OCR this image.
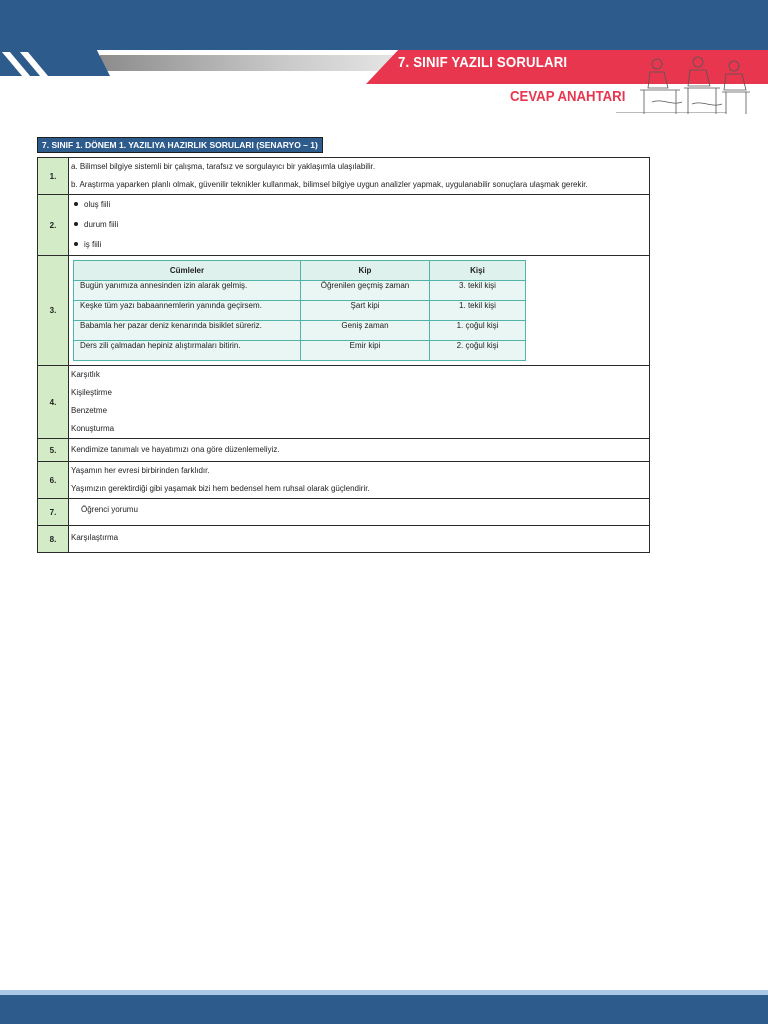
7. SINIF YAZILI SORULARI
CEVAP ANAHTARI
7. SINIF 1. DÖNEM 1. YAZILIYA HAZIRLIK SORULARI (SENARYO – 1)
1.	
a. Bilimsel bilgiye sistemli bir çalışma, tarafsız ve sorgulayıcı bir yaklaşımla ulaşılabilir.
b. Araştırma yaparken planlı olmak, güvenilir teknikler kullanmak, bilimsel bilgiye uygun analizler yapmak, uygulanabilir sonuçlara ulaşmak gerekir.

2.	
oluş fiili
durum fiili
iş fiili

3.	
Cümleler	Kip	Kişi
Bugün yanımıza annesinden izin alarak gelmiş.	Öğrenilen geçmiş zaman	3. tekil kişi
Keşke tüm yazı babaannemlerin yanında geçirsem.	Şart kipi	1. tekil kişi
Babamla her pazar deniz kenarında bisiklet süreriz.	Geniş zaman	1. çoğul kişi
Ders zili çalmadan hepiniz alıştırmaları bitirin.	Emir kipi	2. çoğul kişi

4.	
Karşıtlık
Kişileştirme
Benzetme
Konuşturma

5.	Kendimize tanımalı ve hayatımızı ona göre düzenlemeliyiz.

6.	
Yaşamın her evresi birbirinden farklıdır.
Yaşımızın gerektirdiği gibi yaşamak bizi hem bedensel hem ruhsal olarak güçlendirir.

7.	Öğrenci yorumu

8.	Karşılaştırma
